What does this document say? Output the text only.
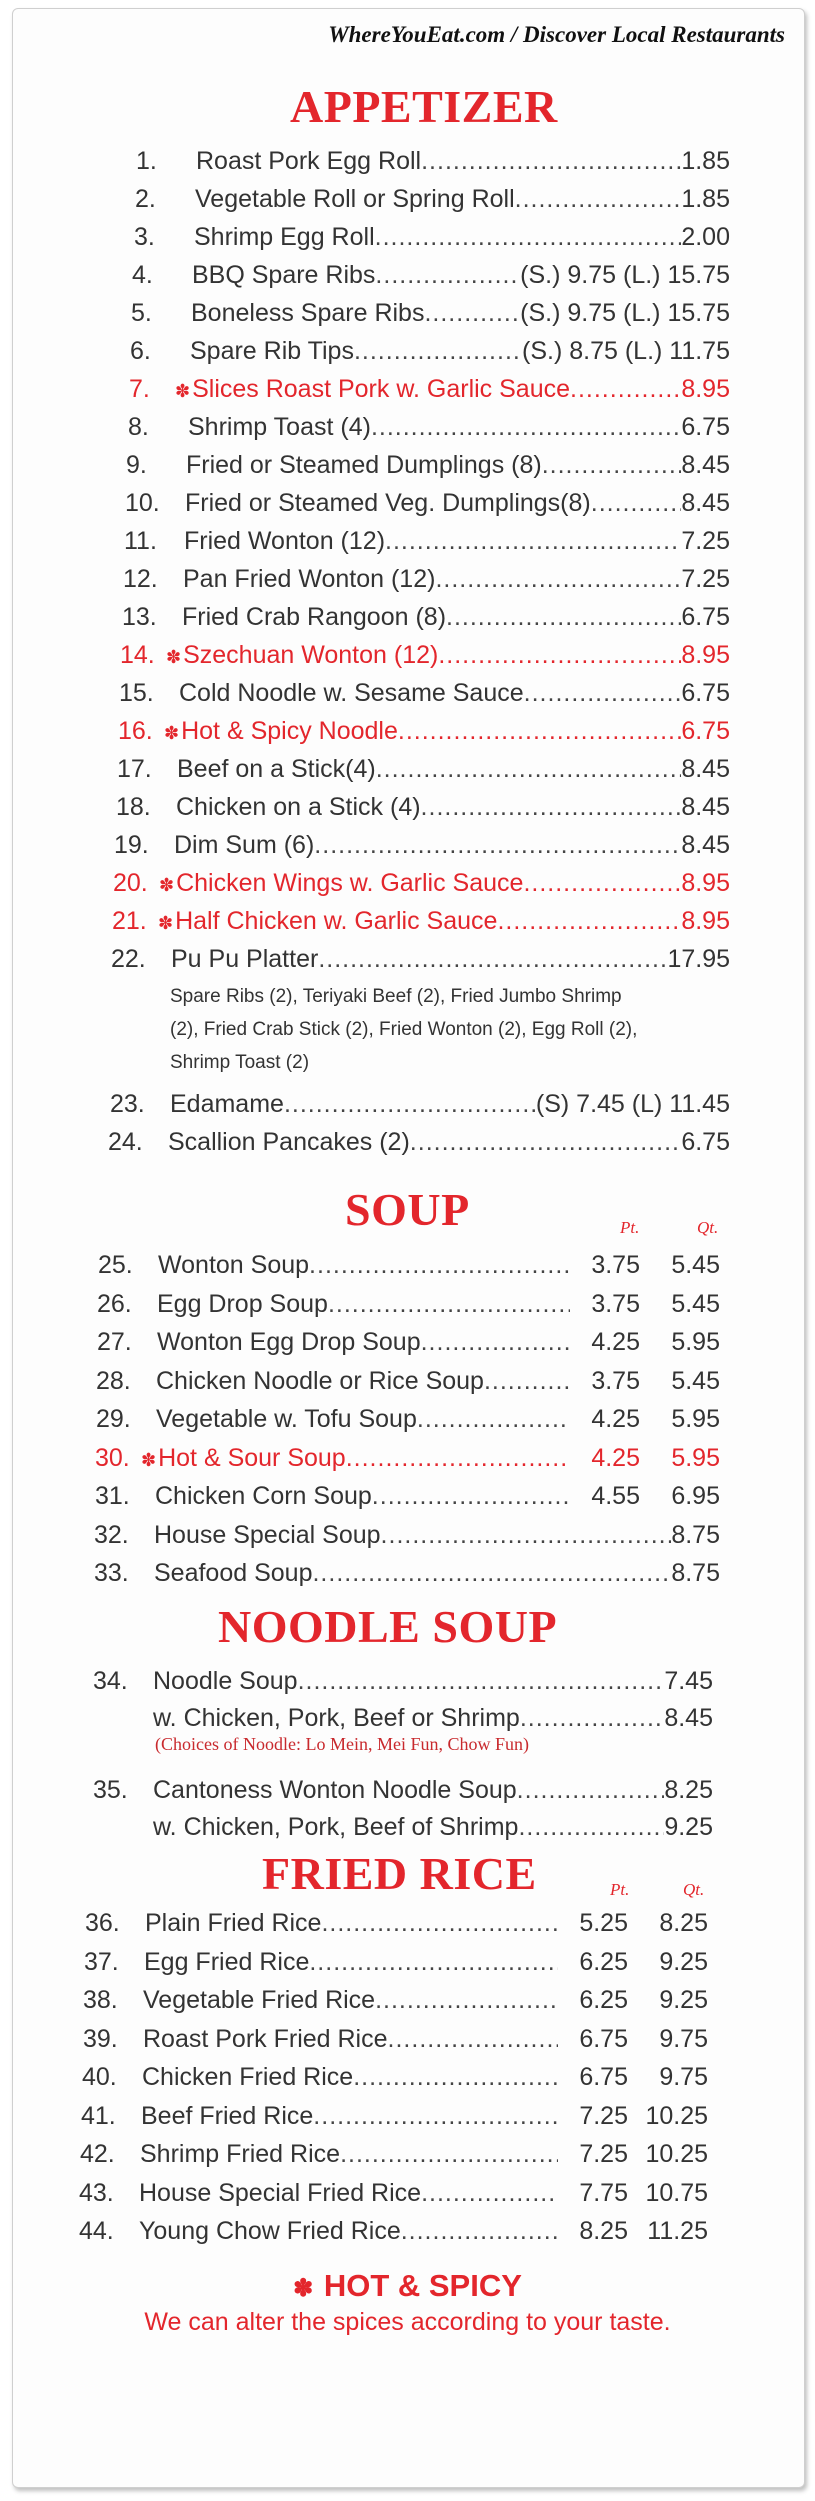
WhereYouEat.com / Discover Local Restaurants
APPETIZER
1.	Roast Pork Egg Roll .....	1.85
2.	Vegetable Roll or Spring Roll .....	1.85
3.	Shrimp Egg Roll .....	2.00
4.	BBQ Spare Ribs .....	(S.) 9.75 (L.) 15.75
5.	Boneless Spare Ribs .....	(S.) 9.75 (L.) 15.75
6.	Spare Rib Tips .....	(S.) 8.75 (L.) 11.75
7.	✽ Slices Roast Pork w. Garlic Sauce .....	8.95
8.	Shrimp Toast (4) .....	6.75
9.	Fried or Steamed Dumplings (8) .....	8.45
10.	Fried or Steamed Veg. Dumplings(8) .....	8.45
11.	Fried Wonton (12) .....	7.25
12.	Pan Fried Wonton (12) .....	7.25
13.	Fried Crab Rangoon (8) .....	6.75
14. ✽ Szechuan Wonton (12) .....	8.95
15.	Cold Noodle w. Sesame Sauce .....	6.75
16. ✽ Hot & Spicy Noodle .....	6.75
17.	Beef on a Stick(4) .....	8.45
18.	Chicken on a Stick (4) .....	8.45
19.	Dim Sum (6) .....	8.45
20. ✽ Chicken Wings w. Garlic Sauce .....	8.95
21. ✽ Half Chicken w. Garlic Sauce .....	8.95
22.	Pu Pu Platter .....	17.95
23.	Edamame .....	(S) 7.45 (L) 11.45
24.	Scallion Pancakes (2) .....	6.75
Spare Ribs (2), Teriyaki Beef (2), Fried Jumbo Shrimp
(2), Fried Crab Stick (2), Fried Wonton (2), Egg Roll (2),
Shrimp Toast (2)
SOUP	Pt.	Qt.
25.	Wonton Soup .....	3.75 5.45
26.	Egg Drop Soup .....	3.75 5.45
27.	Wonton Egg Drop Soup .....	4.25 5.95
28.	Chicken Noodle or Rice Soup .....	3.75 5.45
29.	Vegetable w. Tofu Soup .....	4.25 5.95
30. ✽ Hot & Sour Soup .....	4.25 5.95
31.	Chicken Corn Soup .....	4.55 6.95
32.	House Special Soup .....	8.75
33.	Seafood Soup .....	8.75
NOODLE SOUP
34.	Noodle Soup .....	7.45
w. Chicken, Pork, Beef or Shrimp .....	8.45
35.	Cantoness Wonton Noodle Soup .....	8.25
w. Chicken, Pork, Beef of Shrimp .....	9.25
(Choices of Noodle: Lo Mein, Mei Fun, Chow Fun)
FRIED RICE	Pt.	Qt.
36.	Plain Fried Rice .....	5.25 8.25
37.	Egg Fried Rice .....	6.25 9.25
38.	Vegetable Fried Rice .....	6.25 9.25
39.	Roast Pork Fried Rice .....	6.75 9.75
40.	Chicken Fried Rice .....	6.75 9.75
41.	Beef Fried Rice .....	7.25 10.25
42.	Shrimp Fried Rice .....	7.25 10.25
43.	House Special Fried Rice .....	7.75 10.75
44.	Young Chow Fried Rice .....	8.25 11.25
✽ HOT & SPICY
We can alter the spices according to your taste.
